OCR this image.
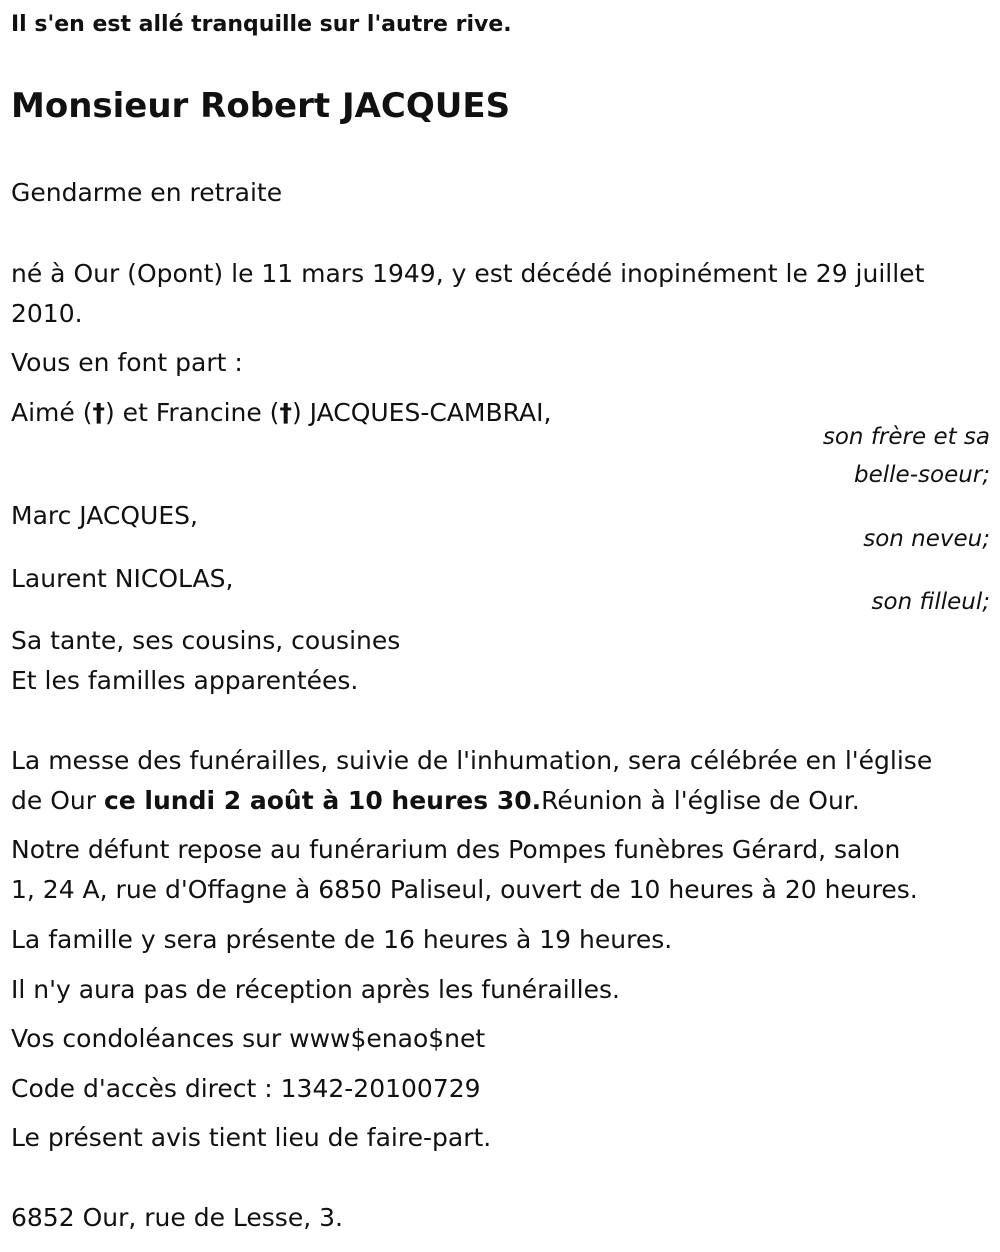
Il s'en est allé tranquille sur l'autre rive.

Monsieur Robert JACQUES

Gendarme en retraite

né à Our (Opont) le 11 mars 1949, y est décédé inopinément le 29 juillet

2010.

Vous en font part :

Aimé (†) et Francine (†) JACQUES-CAMBRAI,

son frère et sa

belle-soeur;

Marc JACQUES,

son neveu;

Laurent NICOLAS,

son filleul;

Sa tante, ses cousins, cousines

Et les familles apparentées.

La messe des funérailles, suivie de l'inhumation, sera célébrée en l'église

de Our ce lundi 2 août à 10 heures 30.Réunion à l'église de Our.

Notre défunt repose au funérarium des Pompes funèbres Gérard, salon

1, 24 A, rue d'Offagne à 6850 Paliseul, ouvert de 10 heures à 20 heures.

La famille y sera présente de 16 heures à 19 heures.

Il n'y aura pas de réception après les funérailles.

Vos condoléances sur www$enao$net

Code d'accès direct : 1342-20100729

Le présent avis tient lieu de faire-part.

6852 Our, rue de Lesse, 3.
